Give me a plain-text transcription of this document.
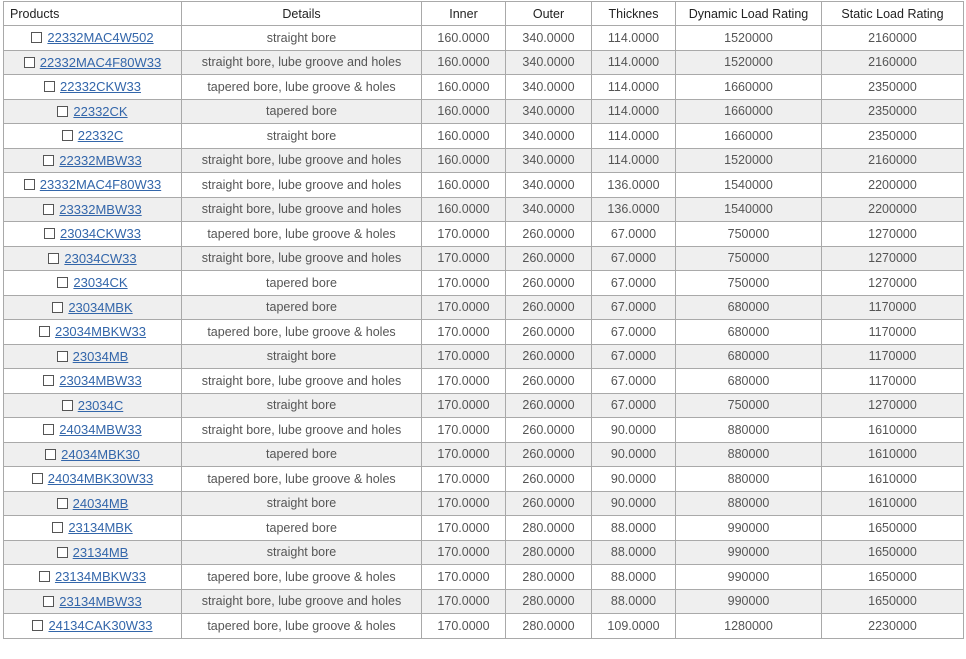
Products	Details	Inner	Outer	Thicknes	Dynamic Load Rating	Static Load Rating
22332MAC4W502	straight bore	160.0000	340.0000	114.0000	1520000	2160000
22332MAC4F80W33	straight bore, lube groove and holes	160.0000	340.0000	114.0000	1520000	2160000
22332CKW33	tapered bore, lube groove & holes	160.0000	340.0000	114.0000	1660000	2350000
22332CK	tapered bore	160.0000	340.0000	114.0000	1660000	2350000
22332C	straight bore	160.0000	340.0000	114.0000	1660000	2350000
22332MBW33	straight bore, lube groove and holes	160.0000	340.0000	114.0000	1520000	2160000
23332MAC4F80W33	straight bore, lube groove and holes	160.0000	340.0000	136.0000	1540000	2200000
23332MBW33	straight bore, lube groove and holes	160.0000	340.0000	136.0000	1540000	2200000
23034CKW33	tapered bore, lube groove & holes	170.0000	260.0000	67.0000	750000	1270000
23034CW33	straight bore, lube groove and holes	170.0000	260.0000	67.0000	750000	1270000
23034CK	tapered bore	170.0000	260.0000	67.0000	750000	1270000
23034MBK	tapered bore	170.0000	260.0000	67.0000	680000	1170000
23034MBKW33	tapered bore, lube groove & holes	170.0000	260.0000	67.0000	680000	1170000
23034MB	straight bore	170.0000	260.0000	67.0000	680000	1170000
23034MBW33	straight bore, lube groove and holes	170.0000	260.0000	67.0000	680000	1170000
23034C	straight bore	170.0000	260.0000	67.0000	750000	1270000
24034MBW33	straight bore, lube groove and holes	170.0000	260.0000	90.0000	880000	1610000
24034MBK30	tapered bore	170.0000	260.0000	90.0000	880000	1610000
24034MBK30W33	tapered bore, lube groove & holes	170.0000	260.0000	90.0000	880000	1610000
24034MB	straight bore	170.0000	260.0000	90.0000	880000	1610000
23134MBK	tapered bore	170.0000	280.0000	88.0000	990000	1650000
23134MB	straight bore	170.0000	280.0000	88.0000	990000	1650000
23134MBKW33	tapered bore, lube groove & holes	170.0000	280.0000	88.0000	990000	1650000
23134MBW33	straight bore, lube groove and holes	170.0000	280.0000	88.0000	990000	1650000
24134CAK30W33	tapered bore, lube groove & holes	170.0000	280.0000	109.0000	1280000	2230000
